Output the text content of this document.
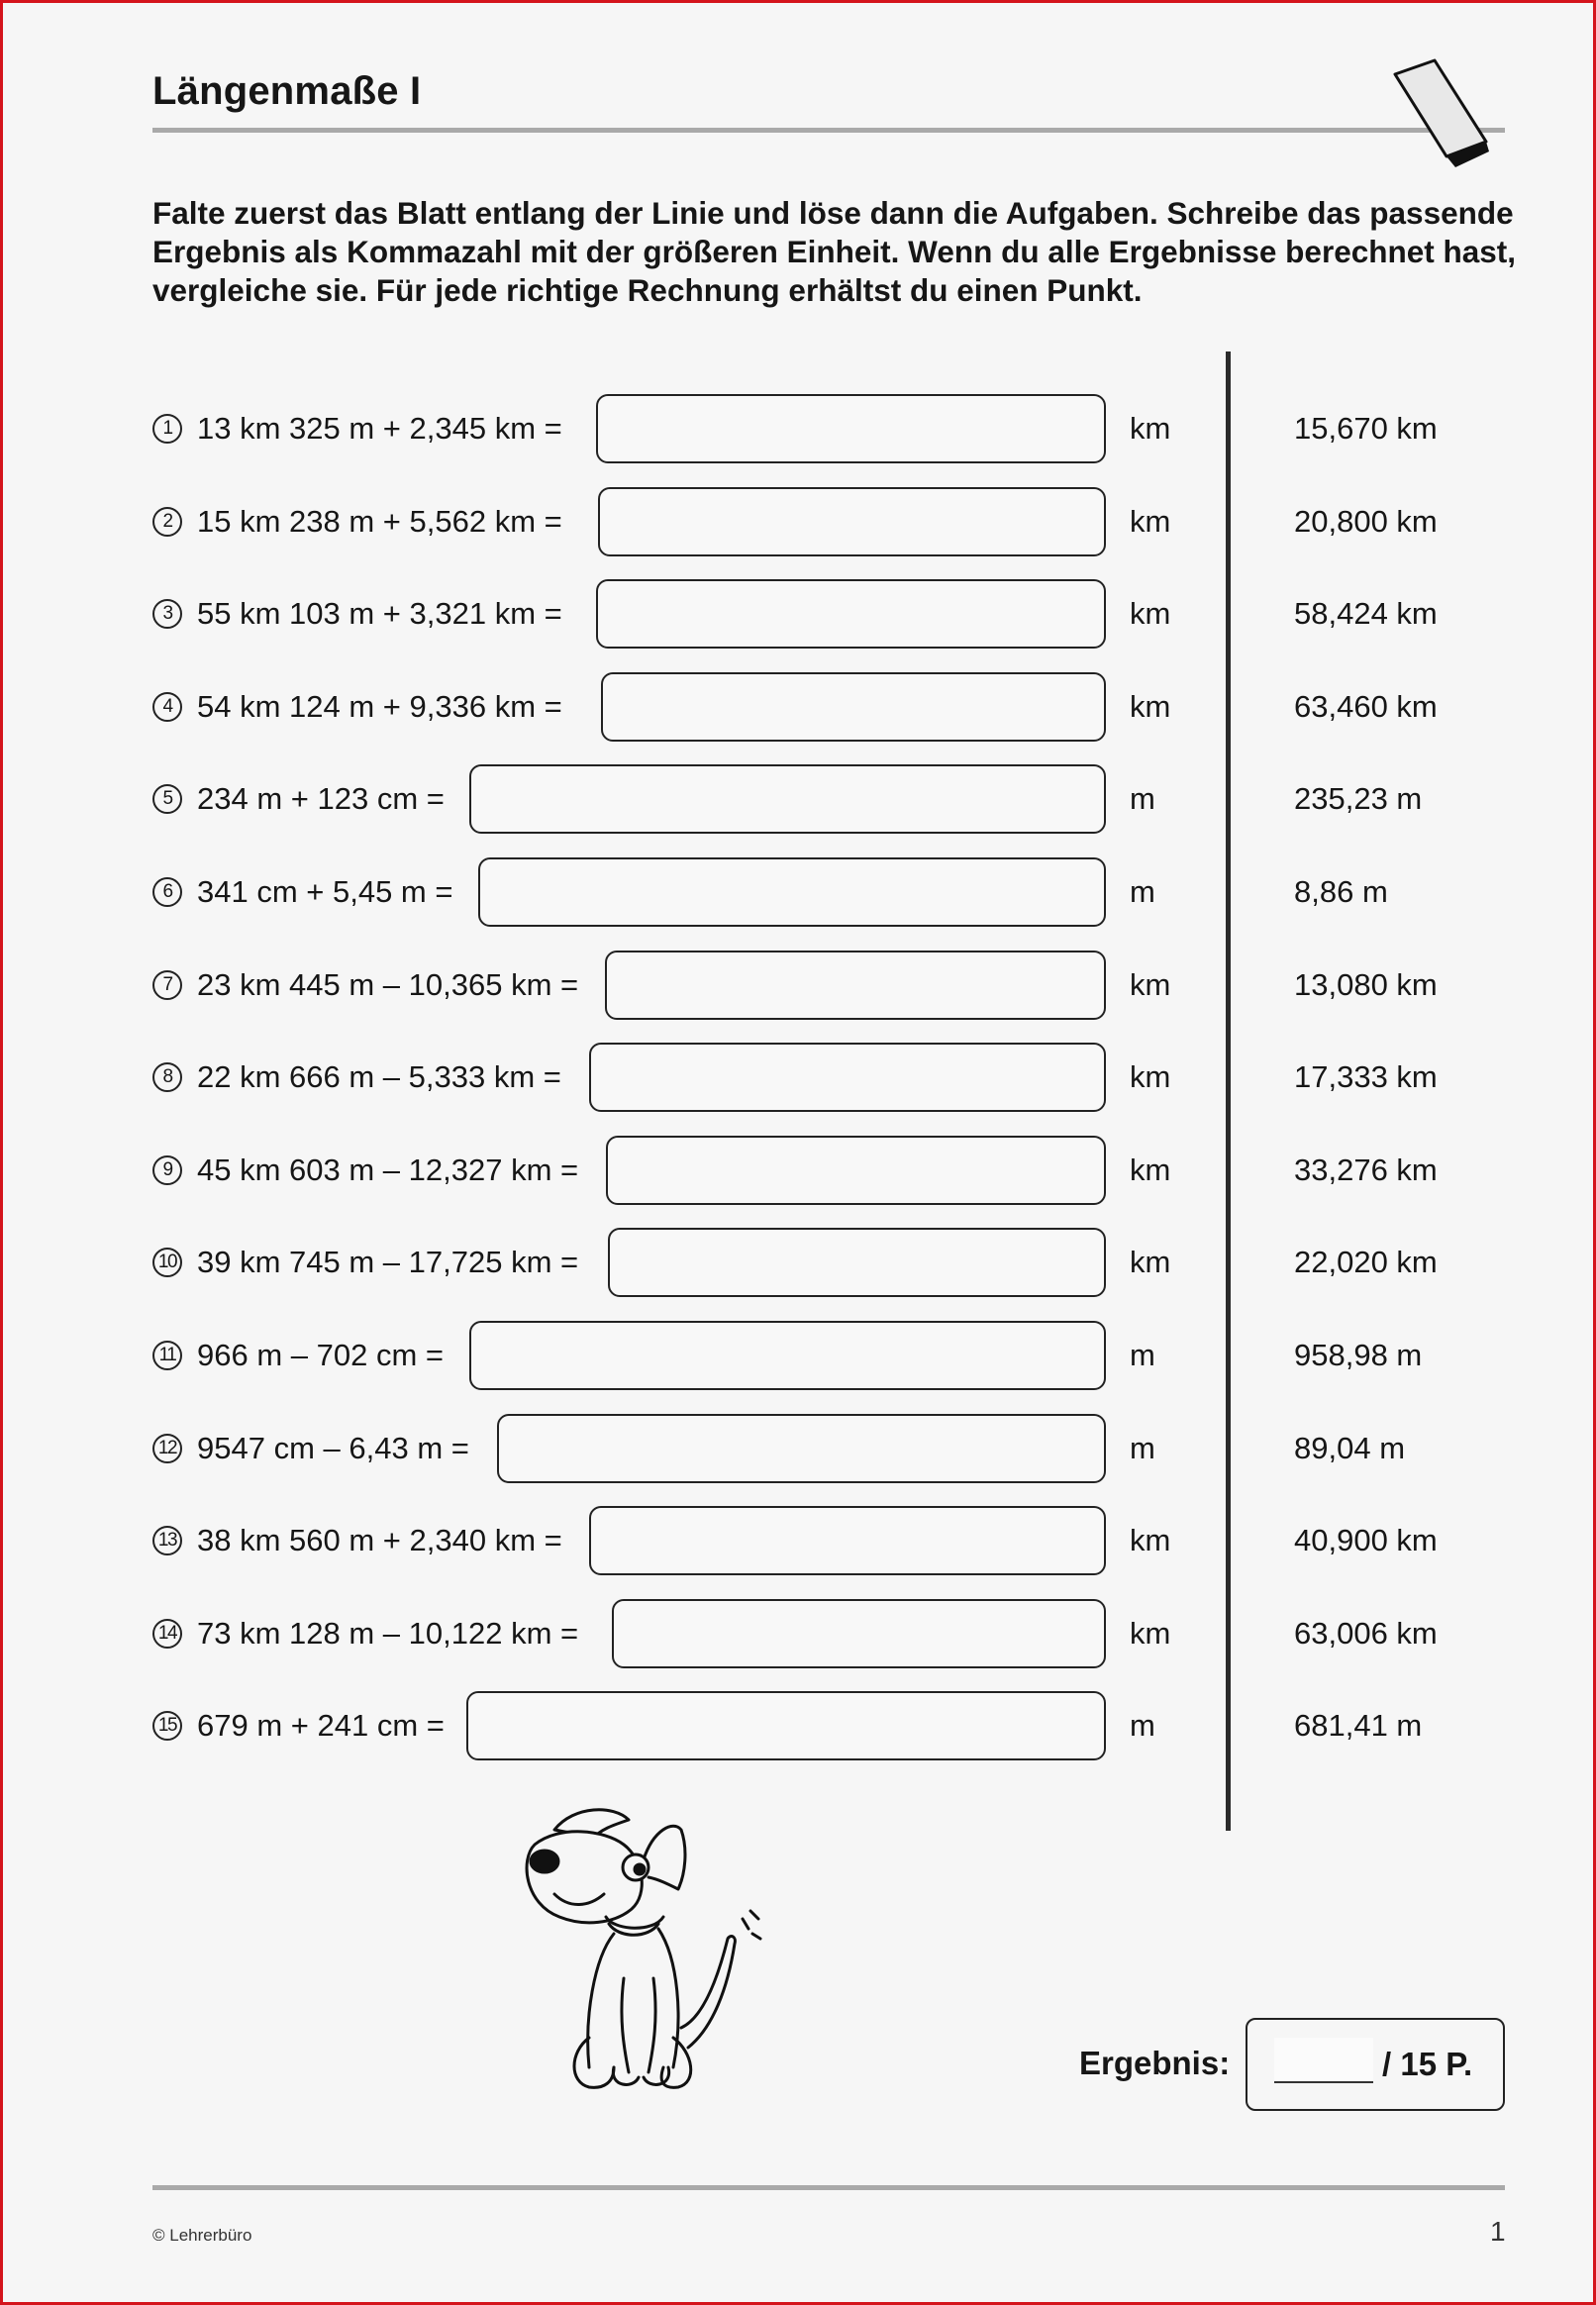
Längenmaße I

Falte zuerst das Blatt entlang der Linie und löse dann die Aufgaben. Schreibe das passende Ergebnis als Kommazahl mit der größeren Einheit. Wenn du alle Ergebnisse berechnet hast, vergleiche sie. Für jede richtige Rechnung erhältst du einen Punkt.

1 13 km 325 m + 2,345 km =	km	15,670 km
2 15 km 238 m + 5,562 km =	km	20,800 km
3 55 km 103 m + 3,321 km =	km	58,424 km
4 54 km 124 m + 9,336 km =	km	63,460 km
5 234 m + 123 cm =	m	235,23 m
6 341 cm + 5,45 m =	m	8,86 m
7 23 km 445 m – 10,365 km =	km	13,080 km
8 22 km 666 m – 5,333 km =	km	17,333 km
9 45 km 603 m – 12,327 km =	km	33,276 km
10 39 km 745 m – 17,725 km =	km	22,020 km
11 966 m – 702 cm =	m	958,98 m
12 9547 cm – 6,43 m =	m	89,04 m
13 38 km 560 m + 2,340 km =	km	40,900 km
14 73 km 128 m – 10,122 km =	km	63,006 km
15 679 m + 241 cm =	m	681,41 m
Ergebnis:	/ 15 P.
© Lehrerbüro	1
